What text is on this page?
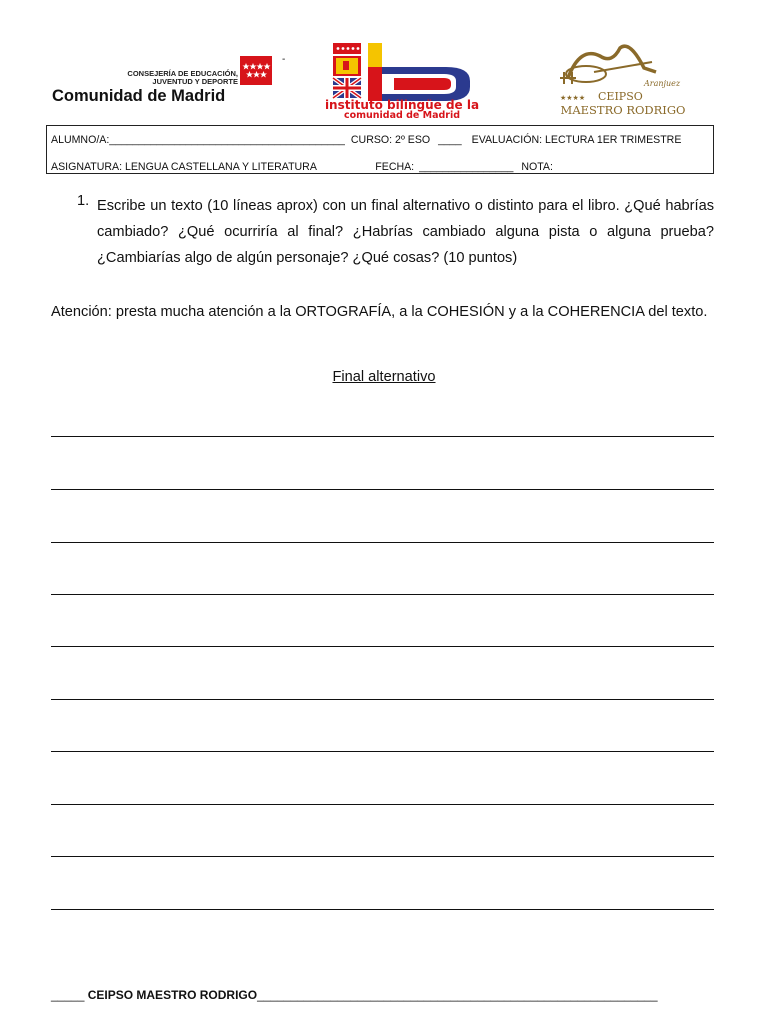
CONSEJERÍA DE EDUCACIÓN, JUVENTUD Y DEPORTE
Comunidad de Madrid
-
instituto bilingüe de la
comunidad de Madrid
Aranjuez
★★★★ CEIPSO
MAESTRO RODRIGO
ALUMNO/A:________________________________________ CURSO: 2º ESO ____ EVALUACIÓN: LECTURA 1ER TRIMESTRE
ASIGNATURA: LENGUA CASTELLANA Y LITERATURA	FECHA: ________________ NOTA:
1. Escribe un texto (10 líneas aprox) con un final alternativo o distinto para el libro. ¿Qué habrías cambiado? ¿Qué ocurriría al final? ¿Habrías cambiado alguna pista o alguna prueba? ¿Cambiarías algo de algún personaje? ¿Qué cosas? (10 puntos)
Atención: presta mucha atención a la ORTOGRAFÍA, a la COHESIÓN y a la COHERENCIA del texto.
Final alternativo
_____ CEIPSO MAESTRO RODRIGO____________________________________________________________
